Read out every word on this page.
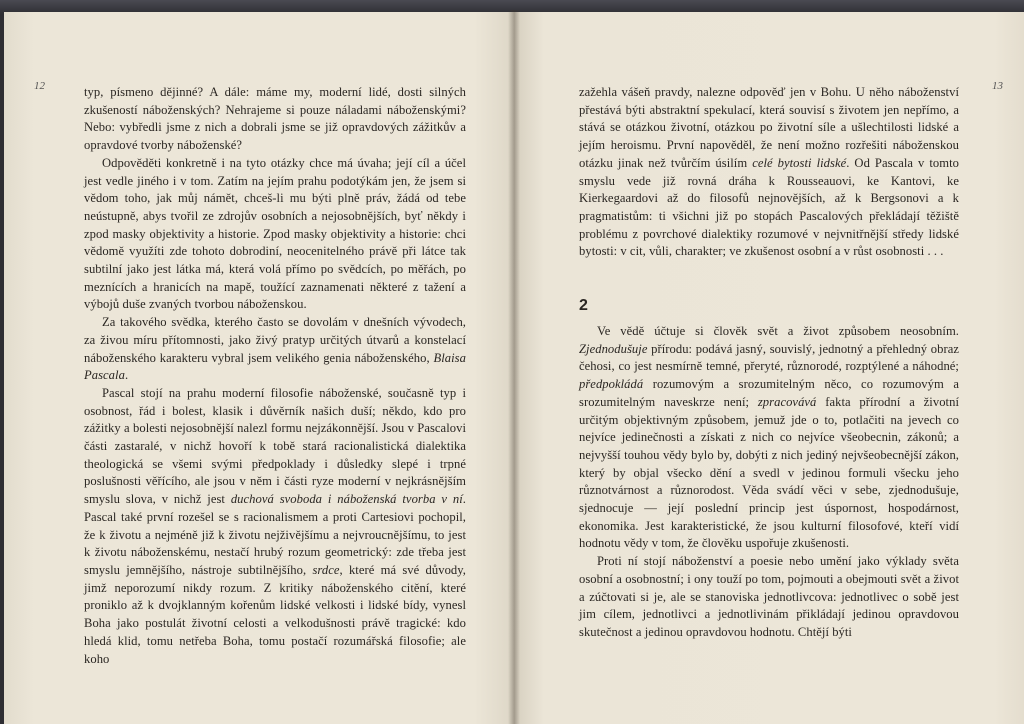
12	typ, písmeno dějinné? A dále: máme my, moderní lidé, dosti silných zkušeností náboženských? Nehrajeme si pouze náladami náboženskými? Nebo: vybředli jsme z nich a dobrali jsme se již opravdových zážitkův a opravdové tvorby náboženské?

Odpověděti konkretně i na tyto otázky chce má úvaha; její cíl a účel jest vedle jiného i v tom. Zatím na jejím prahu podotýkám jen, že jsem si vědom toho, jak můj námět, chceš-li mu býti plně práv, žádá od tebe neústupně, abys tvořil ze zdrojův osobních a nejosobnějších, byť někdy i zpod masky objektivity a historie. Zpod masky objektivity a historie: chci vědomě využíti zde tohoto dobrodiní, neocenitelného právě při látce tak subtilní jako jest látka má, která volá přímo po svědcích, po měřách, po meznících a hranicích na mapě, toužící zaznamenati některé z tažení a výbojů duše zvaných tvorbou náboženskou.

Za takového svědka, kterého často se dovolám v dnešních vývodech, za živou míru přítomnosti, jako živý pratyp určitých útvarů a konstelací náboženského karakteru vybral jsem velikého genia náboženského, Blaisa Pascala.

Pascal stojí na prahu moderní filosofie náboženské, současně typ i osobnost, řád i bolest, klasik i důvěrník našich duší; někdo, kdo pro zážitky a bolesti nejosobnější nalezl formu nejzákonnější. Jsou v Pascalovi části zastaralé, v nichž hovoří k tobě stará racionalistická dialektika theologická se všemi svými předpoklady i důsledky slepé i trpné poslušnosti věřícího, ale jsou v něm i části ryze moderní v nejkrásnějším smyslu slova, v nichž jest duchová svoboda i náboženská tvorba v ní. Pascal také první rozešel se s racionalismem a proti Cartesiovi pochopil, že k životu a nejméně již k životu nejživějšímu a nejvroucnějšímu, to jest k životu náboženskému, nestačí hrubý rozum geometrický: zde třeba jest smyslu jemnějšího, nástroje subtilnějšího, srdce, které má své důvody, jimž neporozumí nikdy rozum. Z kritiky náboženského citění, které proniklo až k dvojklanným kořenům lidské velkosti i lidské bídy, vynesl Boha jako postulát životní celosti a velkodušnosti právě tragické: kdo hledá klid, tomu netřeba Boha, tomu postačí rozumářská filosofie; ale koho

13

zažehla vášeň pravdy, nalezne odpověď jen v Bohu. U něho náboženství přestává býti abstraktní spekulací, která souvisí s životem jen nepřímo, a stává se otázkou životní, otázkou po životní síle a ušlechtilosti lidské a jejím heroismu. První napověděl, že není možno rozřešiti náboženskou otázku jinak než tvůrčím úsilím celé bytosti lidské. Od Pascala v tomto smyslu vede již rovná dráha k Rousseauovi, ke Kantovi, ke Kierkegaardovi až do filosofů nejnovějších, až k Bergsonovi a k pragmatistům: ti všichni již po stopách Pascalových překládají těžiště problému z povrchové dialektiky rozumové v nejvnitřnější středy lidské bytosti: v cit, vůli, charakter; ve zkušenost osobní a v růst osobnosti . . .

2

Ve vědě účtuje si člověk svět a život způsobem neosobním. Zjednodušuje přírodu: podává jasný, souvislý, jednotný a přehledný obraz čehosi, co jest nesmírně temné, přeryté, různorodé, rozptýlené a náhodné; předpokládá rozumovým a srozumitelným něco, co rozumovým a srozumitelným naveskrze není; zpracovává fakta přírodní a životní určitým objektivným způsobem, jemuž jde o to, potlačiti na jevech co nejvíce jedinečnosti a získati z nich co nejvíce všeobecnin, zákonů; a nejvyšší touhou vědy bylo by, dobýti z nich jediný nejvšeobecnější zákon, který by objal všecko dění a svedl v jedinou formuli všecku jeho různotvárnost a různorodost. Věda svádí věci v sebe, zjednodušuje, sjednocuje — její poslední princip jest úspornost, hospodárnost, ekonomika. Jest karakteristické, že jsou kulturní filosofové, kteří vidí hodnotu vědy v tom, že člověku uspořuje zkušenosti.

Proti ní stojí náboženství a poesie nebo umění jako výklady světa osobní a osobnostní; i ony touží po tom, pojmouti a obejmouti svět a život a zúčtovati si je, ale se stanoviska jednotlivcova: jednotlivec o sobě jest jim cílem, jednotlivci a jednotlivinám přikládají jedinou opravdovou skutečnost a jedinou opravdovou hodnotu. Chtějí býti
